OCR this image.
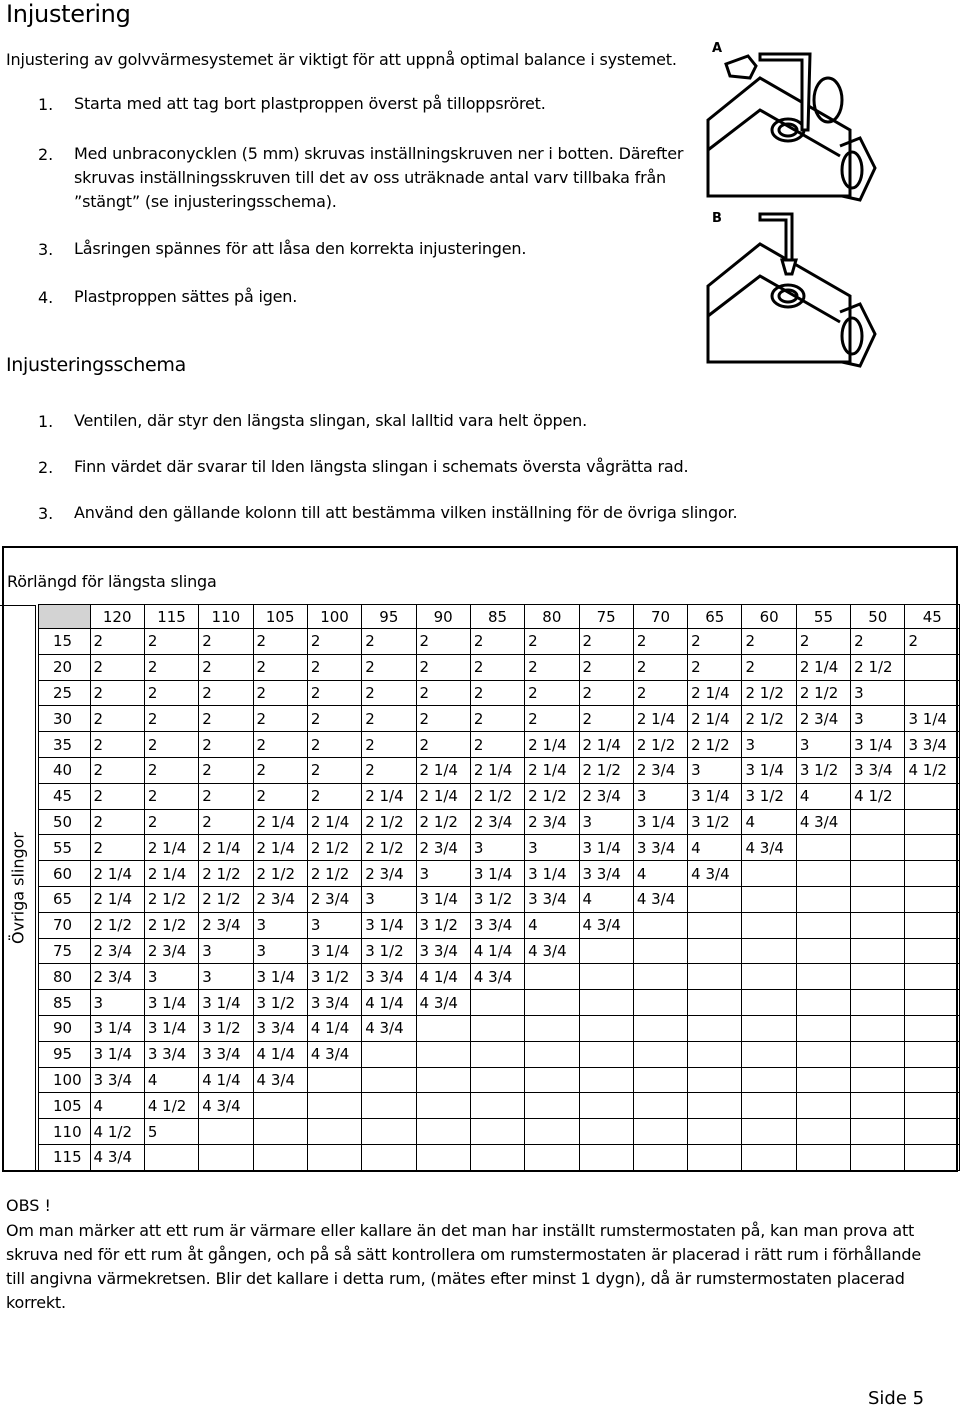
Injustering
Injustering av golvvärmesystemet är viktigt för att uppnå optimal balance i systemet.
1. Starta med att tag bort plastproppen överst på tilloppsröret.
2. Med unbraconycklen (5 mm) skruvas inställningskruven ner i botten. Därefter
skruvas inställningsskruven till det av oss uträknade antal varv tillbaka från
”stängt” (se injusteringsschema).
3. Låsringen spännes för att låsa den korrekta injusteringen.
4. Plastproppen sättes på igen.
A
B
Injusteringsschema
1. Ventilen, där styr den längsta slingan, skal lalltid vara helt öppen.
2. Finn värdet där svarar til lden längsta slingan i schemats översta vågrätta rad.
3. Använd den gällande kolonn till att bestämma vilken inställning för de övriga slingor.
Rörlängd för längsta slinga
Övriga slingor
	120	115	110	105	100	95	90	85	80	75	70	65	60	55	50	45
15	2	2	2	2	2	2	2	2	2	2	2	2	2	2	2	2
20	2	2	2	2	2	2	2	2	2	2	2	2	2	2 1/4	2 1/2	
25	2	2	2	2	2	2	2	2	2	2	2	2 1/4	2 1/2	2 1/2	3	
30	2	2	2	2	2	2	2	2	2	2	2 1/4	2 1/4	2 1/2	2 3/4	3	3 1/4
35	2	2	2	2	2	2	2	2	2 1/4	2 1/4	2 1/2	2 1/2	3	3	3 1/4	3 3/4
40	2	2	2	2	2	2	2 1/4	2 1/4	2 1/4	2 1/2	2 3/4	3	3 1/4	3 1/2	3 3/4	4 1/2
45	2	2	2	2	2	2 1/4	2 1/4	2 1/2	2 1/2	2 3/4	3	3 1/4	3 1/2	4	4 1/2	
50	2	2	2	2 1/4	2 1/4	2 1/2	2 1/2	2 3/4	2 3/4	3	3 1/4	3 1/2	4	4 3/4		
55	2	2 1/4	2 1/4	2 1/4	2 1/2	2 1/2	2 3/4	3	3	3 1/4	3 3/4	4	4 3/4			
60	2 1/4	2 1/4	2 1/2	2 1/2	2 1/2	2 3/4	3	3 1/4	3 1/4	3 3/4	4	4 3/4				
65	2 1/4	2 1/2	2 1/2	2 3/4	2 3/4	3	3 1/4	3 1/2	3 3/4	4	4 3/4					
70	2 1/2	2 1/2	2 3/4	3	3	3 1/4	3 1/2	3 3/4	4	4 3/4						
75	2 3/4	2 3/4	3	3	3 1/4	3 1/2	3 3/4	4 1/4	4 3/4							
80	2 3/4	3	3	3 1/4	3 1/2	3 3/4	4 1/4	4 3/4								
85	3	3 1/4	3 1/4	3 1/2	3 3/4	4 1/4	4 3/4									
90	3 1/4	3 1/4	3 1/2	3 3/4	4 1/4	4 3/4										
95	3 1/4	3 3/4	3 3/4	4 1/4	4 3/4											
100	3 3/4	4	4 1/4	4 3/4												
105	4	4 1/2	4 3/4													
110	4 1/2	5														
115	4 3/4															
OBS !
Om man märker att ett rum är värmare eller kallare än det man har inställt rumstermostaten på, kan man prova att
skruva ned för ett rum åt gången, och på så sätt kontrollera om rumstermostaten är placerad i rätt rum i förhållande
till angivna värmekretsen. Blir det kallare i detta rum, (mätes efter minst 1 dygn), då är rumstermostaten placerad
korrekt.
Side 5
